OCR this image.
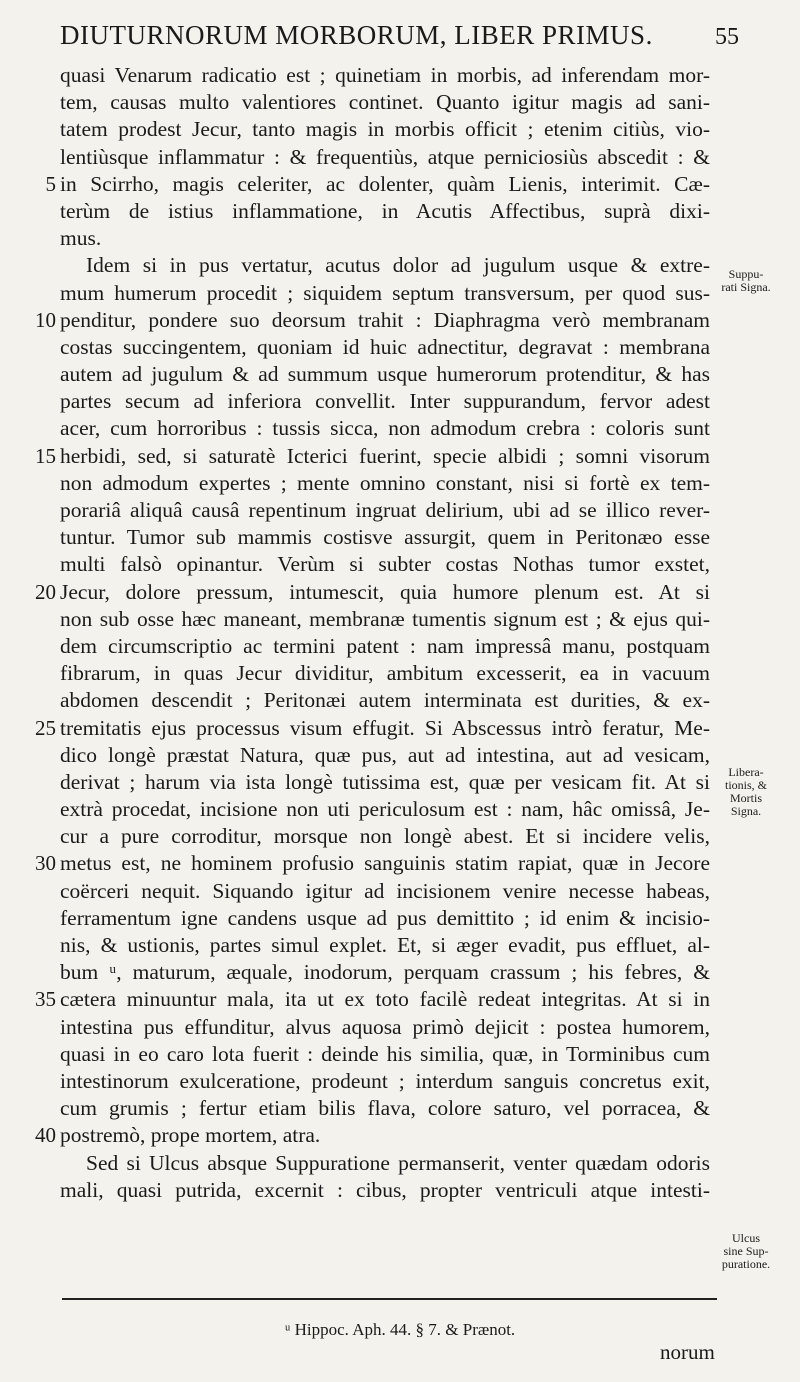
DIUTURNORUM MORBORUM, LIBER PRIMUS.	55
quasi Venarum radicatio est ; quinetiam in morbis, ad inferendam mor-
tem, causas multo valentiores continet. Quanto igitur magis ad sani-
tatem prodest Jecur, tanto magis in morbis officit ; etenim citiùs, vio-
lentiùsque inflammatur : & frequentiùs, atque perniciosiùs abscedit : &
5 in Scirrho, magis celeriter, ac dolenter, quàm Lienis, interimit. Cæ-
terùm de istius inflammatione, in Acutis Affectibus, suprà dixi-
mus.
Idem si in pus vertatur, acutus dolor ad jugulum usque & extre-
mum humerum procedit ; siquidem septum transversum, per quod sus-
10 penditur, pondere suo deorsum trahit : Diaphragma verò membranam
costas succingentem, quoniam id huic adnectitur, degravat : membrana
autem ad jugulum & ad summum usque humerorum protenditur, & has
partes secum ad inferiora convellit. Inter suppurandum, fervor adest
acer, cum horroribus : tussis sicca, non admodum crebra : coloris sunt
15 herbidi, sed, si saturatè Icterici fuerint, specie albidi ; somni visorum
non admodum expertes ; mente omnino constant, nisi si fortè ex tem-
porariâ aliquâ causâ repentinum ingruat delirium, ubi ad se illico rever-
tuntur. Tumor sub mammis costisve assurgit, quem in Peritonæo esse
multi falsò opinantur. Verùm si subter costas Nothas tumor exstet,
20 Jecur, dolore pressum, intumescit, quia humore plenum est. At si
non sub osse hæc maneant, membranæ tumentis signum est ; & ejus qui-
dem circumscriptio ac termini patent : nam impressâ manu, postquam
fibrarum, in quas Jecur dividitur, ambitum excesserit, ea in vacuum
abdomen descendit ; Peritonæi autem interminata est durities, & ex-
25 tremitatis ejus processus visum effugit. Si Abscessus intrò feratur, Me-
dico longè præstat Natura, quæ pus, aut ad intestina, aut ad vesicam,
derivat ; harum via ista longè tutissima est, quæ per vesicam fit. At si
extrà procedat, incisione non uti periculosum est : nam, hâc omissâ, Je-
cur a pure corroditur, morsque non longè abest. Et si incidere velis,
30 metus est, ne hominem profusio sanguinis statim rapiat, quæ in Jecore
coërceri nequit. Siquando igitur ad incisionem venire necesse habeas,
ferramentum igne candens usque ad pus demittito ; id enim & incisio-
nis, & ustionis, partes simul explet. Et, si æger evadit, pus effluet, al-
bum ᵘ, maturum, æquale, inodorum, perquam crassum ; his febres, &
35 cætera minuuntur mala, ita ut ex toto facilè redeat integritas. At si in
intestina pus effunditur, alvus aquosa primò dejicit : postea humorem,
quasi in eo caro lota fuerit : deinde his similia, quæ, in Torminibus cum
intestinorum exulceratione, prodeunt ; interdum sanguis concretus exit,
cum grumis ; fertur etiam bilis flava, colore saturo, vel porracea, &
40 postremò, prope mortem, atra.
Sed si Ulcus absque Suppuratione permanserit, venter quædam odoris
mali, quasi putrida, excernit : cibus, propter ventriculi atque intesti-
Suppu-
rati Signa.
Libera-
tionis, &
Mortis
Signa.
Ulcus
sine Sup-
puratione.
ᵘ Hippoc. Aph. 44. § 7. & Prænot.
norum
